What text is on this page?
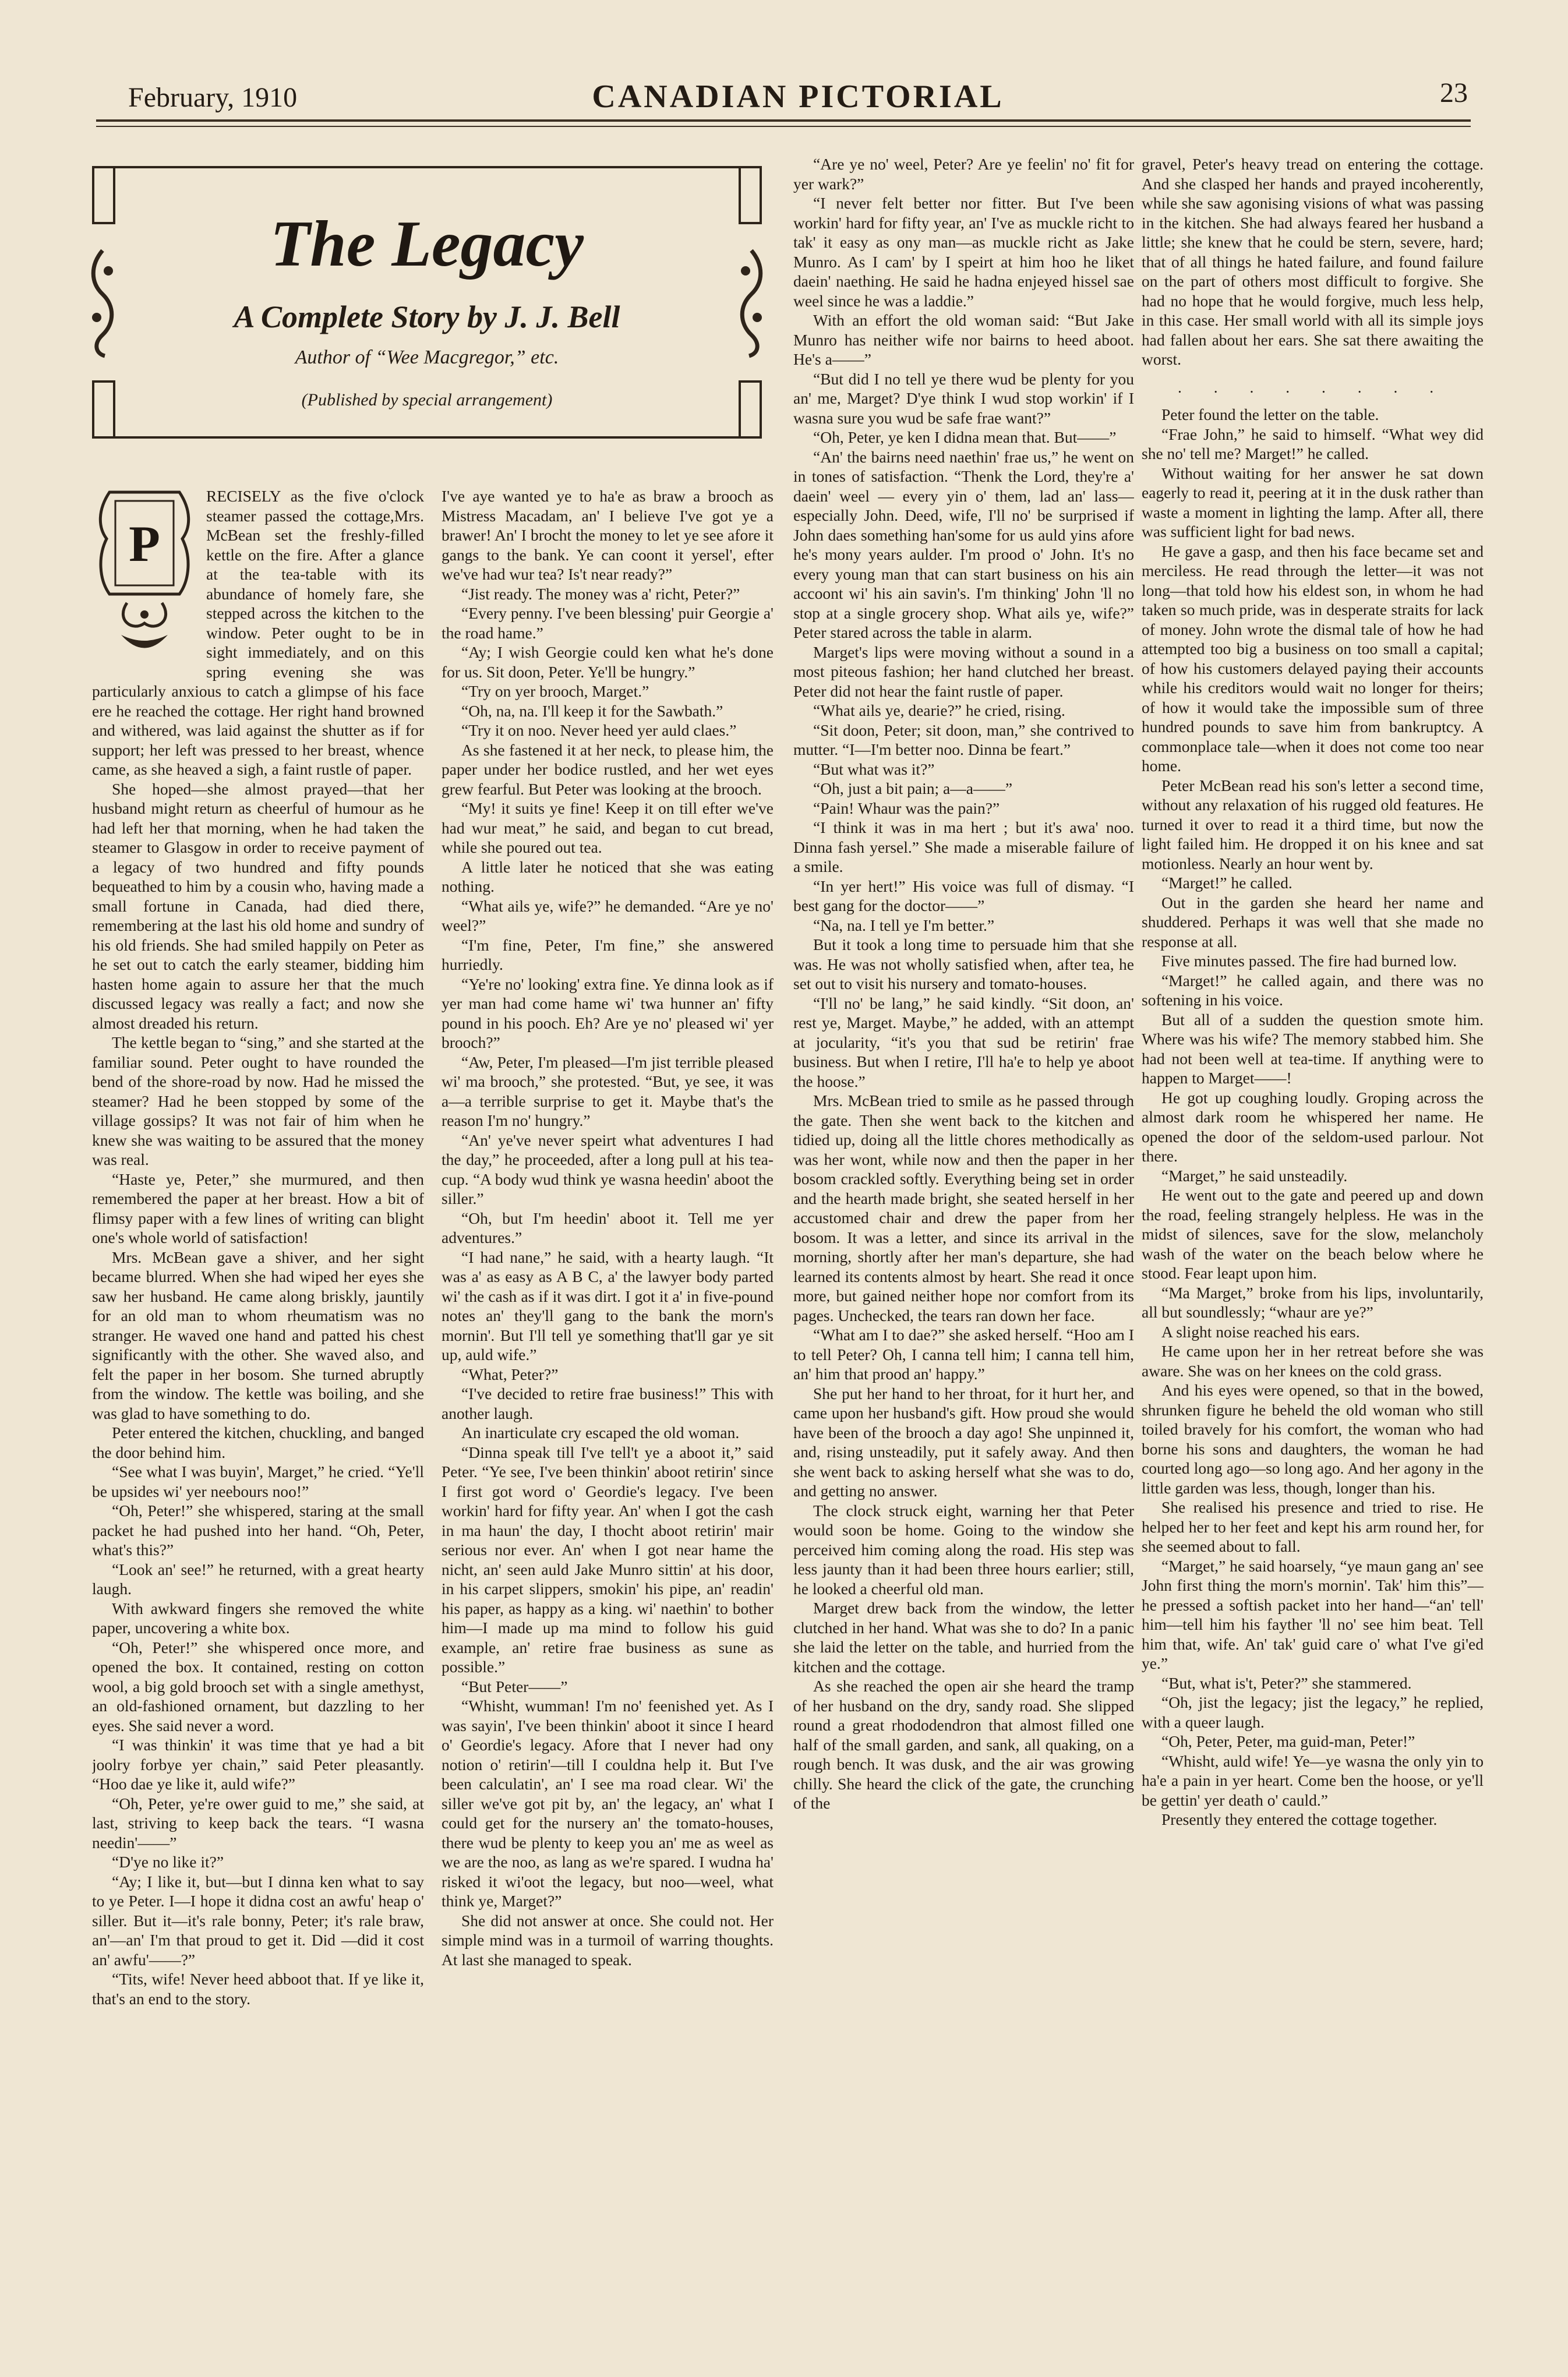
February, 1910	CANADIAN PICTORIAL	23
The Legacy
A Complete Story by J. J. Bell
Author of “Wee Macgregor,” etc.
(Published by special arrangement)
P

RECISELY as the five o'clock steamer passed the cottage,Mrs. McBean set the freshly-filled kettle on the fire. After a glance at the tea-table with its abundance of homely fare, she stepped across the kitchen to the window. Peter ought to be in sight immediately, and on this spring evening she was particularly anxious to catch a glimpse of his face ere he reached the cottage. Her right hand browned and withered, was laid against the shutter as if for support; her left was pressed to her breast, whence came, as she heaved a sigh, a faint rustle of paper.

She hoped—she almost prayed—that her husband might return as cheerful of humour as he had left her that morning, when he had taken the steamer to Glasgow in order to receive payment of a legacy of two hundred and fifty pounds bequeathed to him by a cousin who, having made a small fortune in Canada, had died there, remembering at the last his old home and sundry of his old friends. She had smiled happily on Peter as he set out to catch the early steamer, bidding him hasten home again to assure her that the much discussed legacy was really a fact; and now she almost dreaded his return.

The kettle began to “sing,” and she started at the familiar sound. Peter ought to have rounded the bend of the shore-road by now. Had he missed the steamer? Had he been stopped by some of the village gossips? It was not fair of him when he knew she was waiting to be assured that the money was real.

“Haste ye, Peter,” she murmured, and then remembered the paper at her breast. How a bit of flimsy paper with a few lines of writing can blight one's whole world of satisfaction!

Mrs. McBean gave a shiver, and her sight became blurred. When she had wiped her eyes she saw her husband. He came along briskly, jauntily for an old man to whom rheumatism was no stranger. He waved one hand and patted his chest significantly with the other. She waved also, and felt the paper in her bosom. She turned abruptly from the window. The kettle was boiling, and she was glad to have something to do.

Peter entered the kitchen, chuckling, and banged the door behind him.

“See what I was buyin', Marget,” he cried. “Ye'll be upsides wi' yer neebours noo!”

“Oh, Peter!” she whispered, staring at the small packet he had pushed into her hand. “Oh, Peter, what's this?”

“Look an' see!” he returned, with a great hearty laugh.

With awkward fingers she removed the white paper, uncovering a white box.

“Oh, Peter!” she whispered once more, and opened the box. It contained, resting on cotton wool, a big gold brooch set with a single amethyst, an old-fashioned ornament, but dazzling to her eyes. She said never a word.

“I was thinkin' it was time that ye had a bit joolry forbye yer chain,” said Peter pleasantly. “Hoo dae ye like it, auld wife?”

“Oh, Peter, ye're ower guid to me,” she said, at last, striving to keep back the tears. “I wasna needin'——”

“D'ye no like it?”

“Ay; I like it, but—but I dinna ken what to say to ye Peter. I—I hope it didna cost an awfu' heap o' siller. But it—it's rale bonny, Peter; it's rale braw, an'—an' I'm that proud to get it. Did —did it cost an' awfu'——?”

“Tits, wife! Never heed abboot that. If ye like it, that's an end to the story.

I've aye wanted ye to ha'e as braw a brooch as Mistress Macadam, an' I believe I've got ye a brawer! An' I brocht the money to let ye see afore it gangs to the bank. Ye can coont it yersel', efter we've had wur tea? Is't near ready?”

“Jist ready. The money was a' richt, Peter?”

“Every penny. I've been blessing' puir Georgie a' the road hame.”

“Ay; I wish Georgie could ken what he's done for us. Sit doon, Peter. Ye'll be hungry.”

“Try on yer brooch, Marget.”

“Oh, na, na. I'll keep it for the Sawbath.”

“Try it on noo. Never heed yer auld claes.”

As she fastened it at her neck, to please him, the paper under her bodice rustled, and her wet eyes grew fearful. But Peter was looking at the brooch.

“My! it suits ye fine! Keep it on till efter we've had wur meat,” he said, and began to cut bread, while she poured out tea.

A little later he noticed that she was eating nothing.

“What ails ye, wife?” he demanded. “Are ye no' weel?”

“I'm fine, Peter, I'm fine,” she answered hurriedly.

“Ye're no' looking' extra fine. Ye dinna look as if yer man had come hame wi' twa hunner an' fifty pound in his pooch. Eh? Are ye no' pleased wi' yer brooch?”

“Aw, Peter, I'm pleased—I'm jist terrible pleased wi' ma brooch,” she protested. “But, ye see, it was a—a terrible surprise to get it. Maybe that's the reason I'm no' hungry.”

“An' ye've never speirt what adventures I had the day,” he proceeded, after a long pull at his tea-cup. “A body wud think ye wasna heedin' aboot the siller.”

“Oh, but I'm heedin' aboot it. Tell me yer adventures.”

“I had nane,” he said, with a hearty laugh. “It was a' as easy as A B C, a' the lawyer body parted wi' the cash as if it was dirt. I got it a' in five-pound notes an' they'll gang to the bank the morn's mornin'. But I'll tell ye something that'll gar ye sit up, auld wife.”

“What, Peter?”

“I've decided to retire frae business!” This with another laugh.

An inarticulate cry escaped the old woman.

“Dinna speak till I've tell't ye a aboot it,” said Peter. “Ye see, I've been thinkin' aboot retirin' since I first got word o' Geordie's legacy. I've been workin' hard for fifty year. An' when I got the cash in ma haun' the day, I thocht aboot retirin' mair serious nor ever. An' when I got near hame the nicht, an' seen auld Jake Munro sittin' at his door, in his carpet slippers, smokin' his pipe, an' readin' his paper, as happy as a king. wi' naethin' to bother him—I made up ma mind to follow his guid example, an' retire frae business as sune as possible.”

“But Peter——”

“Whisht, wumman! I'm no' feenished yet. As I was sayin', I've been thinkin' aboot it since I heard o' Geordie's legacy. Afore that I never had ony notion o' retirin'—till I couldna help it. But I've been calculatin', an' I see ma road clear. Wi' the siller we've got pit by, an' the legacy, an' what I could get for the nursery an' the tomato-houses, there wud be plenty to keep you an' me as weel as we are the noo, as lang as we're spared. I wudna ha' risked it wi'oot the legacy, but noo—weel, what think ye, Marget?”

She did not answer at once. She could not. Her simple mind was in a turmoil of warring thoughts. At last she managed to speak.

“Are ye no' weel, Peter? Are ye feelin' no' fit for yer wark?”

“I never felt better nor fitter. But I've been workin' hard for fifty year, an' I've as muckle richt to tak' it easy as ony man—as muckle richt as Jake Munro. As I cam' by I speirt at him hoo he liket daein' naething. He said he hadna enjeyed hissel sae weel since he was a laddie.”

With an effort the old woman said: “But Jake Munro has neither wife nor bairns to heed aboot. He's a——”

“But did I no tell ye there wud be plenty for you an' me, Marget? D'ye think I wud stop workin' if I wasna sure you wud be safe frae want?”

“Oh, Peter, ye ken I didna mean that. But——”

“An' the bairns need naethin' frae us,” he went on in tones of satisfaction. “Thenk the Lord, they're a' daein' weel — every yin o' them, lad an' lass—especially John. Deed, wife, I'll no' be surprised if John daes something han'some for us auld yins afore he's mony years aulder. I'm prood o' John. It's no every young man that can start business on his ain accoont wi' his ain savin's. I'm thinking' John 'll no stop at a single grocery shop. What ails ye, wife?” Peter stared across the table in alarm.

Marget's lips were moving without a sound in a most piteous fashion; her hand clutched her breast. Peter did not hear the faint rustle of paper.

“What ails ye, dearie?” he cried, rising.

“Sit doon, Peter; sit doon, man,” she contrived to mutter. “I—I'm better noo. Dinna be feart.”

“But what was it?”

“Oh, just a bit pain; a—a——”

“Pain! Whaur was the pain?”

“I think it was in ma hert ; but it's awa' noo. Dinna fash yersel.” She made a miserable failure of a smile.

“In yer hert!” His voice was full of dismay. “I best gang for the doctor——”

“Na, na. I tell ye I'm better.”

But it took a long time to persuade him that she was. He was not wholly satisfied when, after tea, he set out to visit his nursery and tomato-houses.

“I'll no' be lang,” he said kindly. “Sit doon, an' rest ye, Marget. Maybe,” he added, with an attempt at jocularity, “it's you that sud be retirin' frae business. But when I retire, I'll ha'e to help ye aboot the hoose.”

Mrs. McBean tried to smile as he passed through the gate. Then she went back to the kitchen and tidied up, doing all the little chores methodically as was her wont, while now and then the paper in her bosom crackled softly. Everything being set in order and the hearth made bright, she seated herself in her accustomed chair and drew the paper from her bosom. It was a letter, and since its arrival in the morning, shortly after her man's departure, she had learned its contents almost by heart. She read it once more, but gained neither hope nor comfort from its pages. Unchecked, the tears ran down her face.

“What am I to dae?” she asked herself. “Hoo am I to tell Peter? Oh, I canna tell him; I canna tell him, an' him that prood an' happy.”

She put her hand to her throat, for it hurt her, and came upon her husband's gift. How proud she would have been of the brooch a day ago! She unpinned it, and, rising unsteadily, put it safely away. And then she went back to asking herself what she was to do, and getting no answer.

The clock struck eight, warning her that Peter would soon be home. Going to the window she perceived him coming along the road. His step was less jaunty than it had been three hours earlier; still, he looked a cheerful old man.

Marget drew back from the window, the letter clutched in her hand. What was she to do? In a panic she laid the letter on the table, and hurried from the kitchen and the cottage.

As she reached the open air she heard the tramp of her husband on the dry, sandy road. She slipped round a great rhododendron that almost filled one half of the small garden, and sank, all quaking, on a rough bench. It was dusk, and the air was growing chilly. She heard the click of the gate, the crunching of the

gravel, Peter's heavy tread on entering the cottage. And she clasped her hands and prayed incoherently, while she saw agonising visions of what was passing in the kitchen. She had always feared her husband a little; she knew that he could be stern, severe, hard; that of all things he hated failure, and found failure on the part of others most difficult to forgive. She had no hope that he would forgive, much less help, in this case. Her small world with all its simple joys had fallen about her ears. She sat there awaiting the worst.

. . . . . . . .

Peter found the letter on the table.

“Frae John,” he said to himself. “What wey did she no' tell me? Marget!” he called.

Without waiting for her answer he sat down eagerly to read it, peering at it in the dusk rather than waste a moment in lighting the lamp. After all, there was sufficient light for bad news.

He gave a gasp, and then his face became set and merciless. He read through the letter—it was not long—that told how his eldest son, in whom he had taken so much pride, was in desperate straits for lack of money. John wrote the dismal tale of how he had attempted too big a business on too small a capital; of how his customers delayed paying their accounts while his creditors would wait no longer for theirs; of how it would take the impossible sum of three hundred pounds to save him from bankruptcy. A commonplace tale—when it does not come too near home.

Peter McBean read his son's letter a second time, without any relaxation of his rugged old features. He turned it over to read it a third time, but now the light failed him. He dropped it on his knee and sat motionless. Nearly an hour went by.

“Marget!” he called.

Out in the garden she heard her name and shuddered. Perhaps it was well that she made no response at all.

Five minutes passed. The fire had burned low.

“Marget!” he called again, and there was no softening in his voice.

But all of a sudden the question smote him. Where was his wife? The memory stabbed him. She had not been well at tea-time. If anything were to happen to Marget——!

He got up coughing loudly. Groping across the almost dark room he whispered her name. He opened the door of the seldom-used parlour. Not there.

“Marget,” he said unsteadily.

He went out to the gate and peered up and down the road, feeling strangely helpless. He was in the midst of silences, save for the slow, melancholy wash of the water on the beach below where he stood. Fear leapt upon him.

“Ma Marget,” broke from his lips, involuntarily, all but soundlessly; “whaur are ye?”

A slight noise reached his ears.

He came upon her in her retreat before she was aware. She was on her knees on the cold grass.

And his eyes were opened, so that in the bowed, shrunken figure he beheld the old woman who still toiled bravely for his comfort, the woman who had borne his sons and daughters, the woman he had courted long ago—so long ago. And her agony in the little garden was less, though, longer than his.

She realised his presence and tried to rise. He helped her to her feet and kept his arm round her, for she seemed about to fall.

“Marget,” he said hoarsely, “ye maun gang an' see John first thing the morn's mornin'. Tak' him this”—he pressed a softish packet into her hand—“an' tell' him—tell him his fayther 'll no' see him beat. Tell him that, wife. An' tak' guid care o' what I've gi'ed ye.”

“But, what is't, Peter?” she stammered.

“Oh, jist the legacy; jist the legacy,” he replied, with a queer laugh.

“Oh, Peter, Peter, ma guid-man, Peter!”

“Whisht, auld wife! Ye—ye wasna the only yin to ha'e a pain in yer heart. Come ben the hoose, or ye'll be gettin' yer death o' cauld.”

Presently they entered the cottage together.
